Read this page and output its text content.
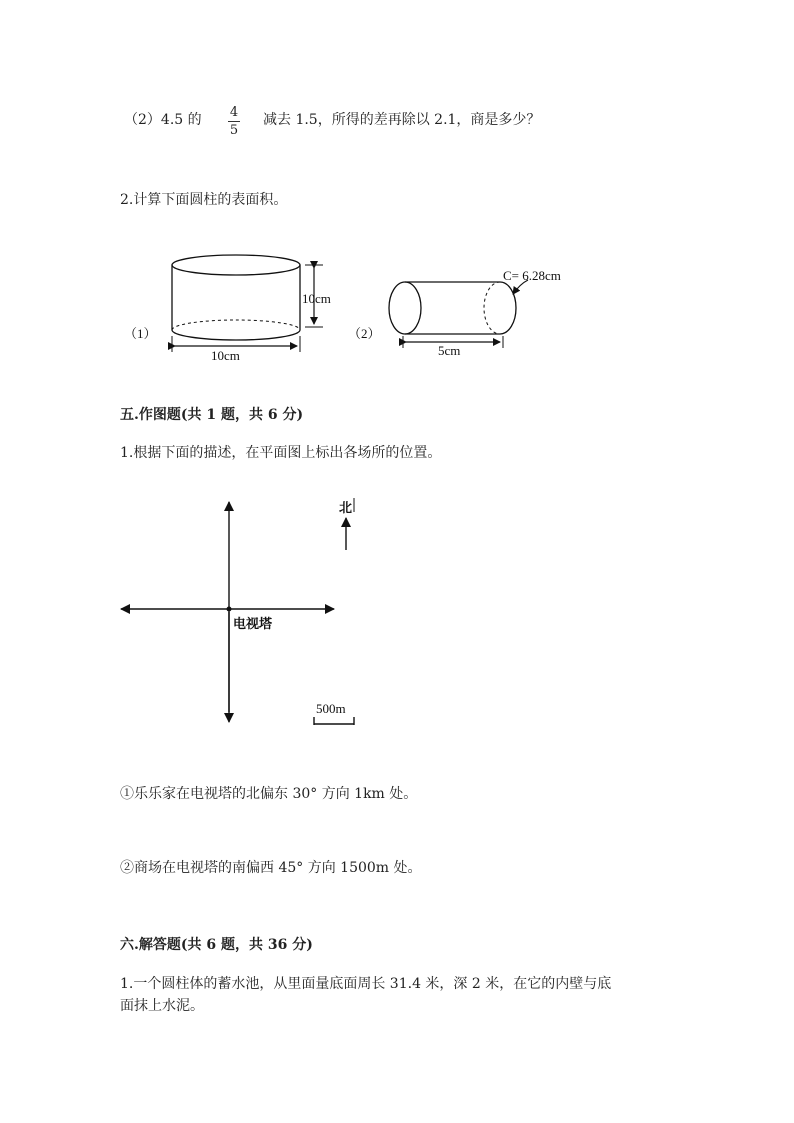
（2）4.5 的 4
5
减去 1.5，所得的差再除以 2.1，商是多少？
2.计算下面圆柱的表面积。
（1）
10cm
10cm
（2）
C= 6.28cm
5cm
五.作图题(共 1 题，共 6 分)
1.根据下面的描述，在平面图上标出各场所的位置。
北
电视塔
500m
①乐乐家在电视塔的北偏东 30° 方向 1km 处。
②商场在电视塔的南偏西 45° 方向 1500m 处。
六.解答题(共 6 题，共 36 分)
1.一个圆柱体的蓄水池，从里面量底面周长 31.4 米，深 2 米，在它的内壁与底
面抹上水泥。
